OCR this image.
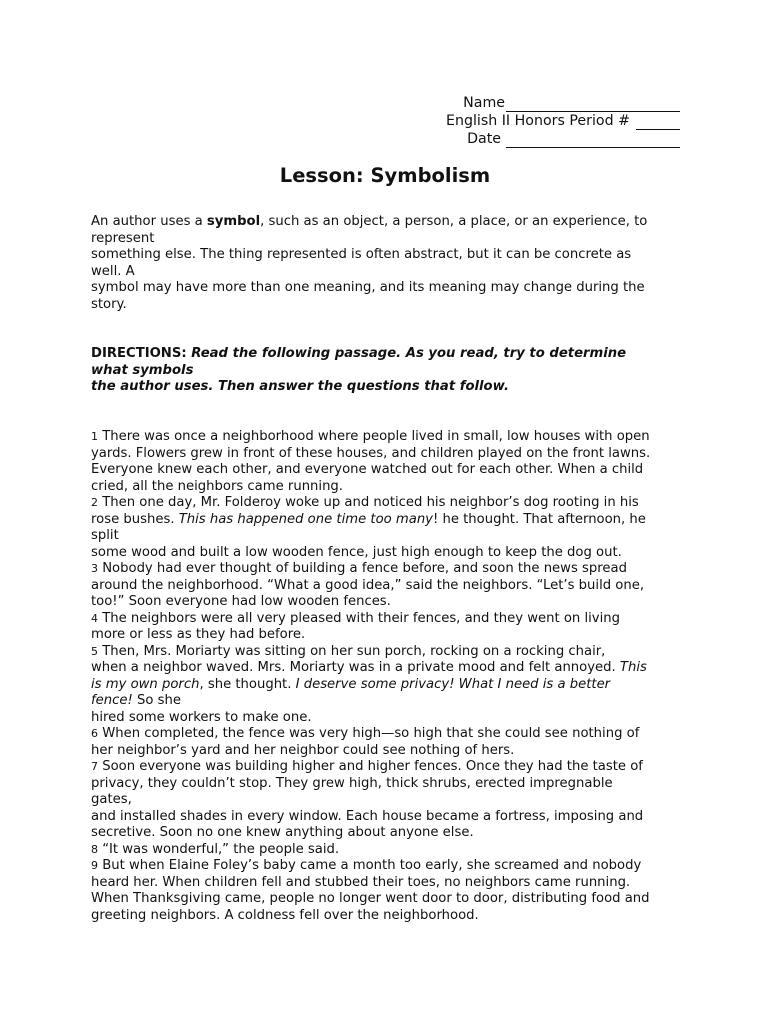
Name
English II Honors Period #
Date
Lesson: Symbolism

An author uses a symbol, such as an object, a person, a place, or an experience, to

represent

something else. The thing represented is often abstract, but it can be concrete as

well. A

symbol may have more than one meaning, and its meaning may change during the

story.

DIRECTIONS: Read the following passage. As you read, try to determine

what symbols

the author uses. Then answer the questions that follow.

1 There was once a neighborhood where people lived in small, low houses with open

yards. Flowers grew in front of these houses, and children played on the front lawns.

Everyone knew each other, and everyone watched out for each other. When a child

cried, all the neighbors came running.

2 Then one day, Mr. Folderoy woke up and noticed his neighbor’s dog rooting in his

rose bushes. This has happened one time too many! he thought. That afternoon, he

split

some wood and built a low wooden fence, just high enough to keep the dog out.

3 Nobody had ever thought of building a fence before, and soon the news spread

around the neighborhood. “What a good idea,” said the neighbors. “Let’s build one,

too!” Soon everyone had low wooden fences.

4 The neighbors were all very pleased with their fences, and they went on living

more or less as they had before.

5 Then, Mrs. Moriarty was sitting on her sun porch, rocking on a rocking chair,

when a neighbor waved. Mrs. Moriarty was in a private mood and felt annoyed. This

is my own porch, she thought. I deserve some privacy! What I need is a better

fence! So she

hired some workers to make one.

6 When completed, the fence was very high—so high that she could see nothing of

her neighbor’s yard and her neighbor could see nothing of hers.

7 Soon everyone was building higher and higher fences. Once they had the taste of

privacy, they couldn’t stop. They grew high, thick shrubs, erected impregnable

gates,

and installed shades in every window. Each house became a fortress, imposing and

secretive. Soon no one knew anything about anyone else.

8 “It was wonderful,” the people said.

9 But when Elaine Foley’s baby came a month too early, she screamed and nobody

heard her. When children fell and stubbed their toes, no neighbors came running.

When Thanksgiving came, people no longer went door to door, distributing food and

greeting neighbors. A coldness fell over the neighborhood.
